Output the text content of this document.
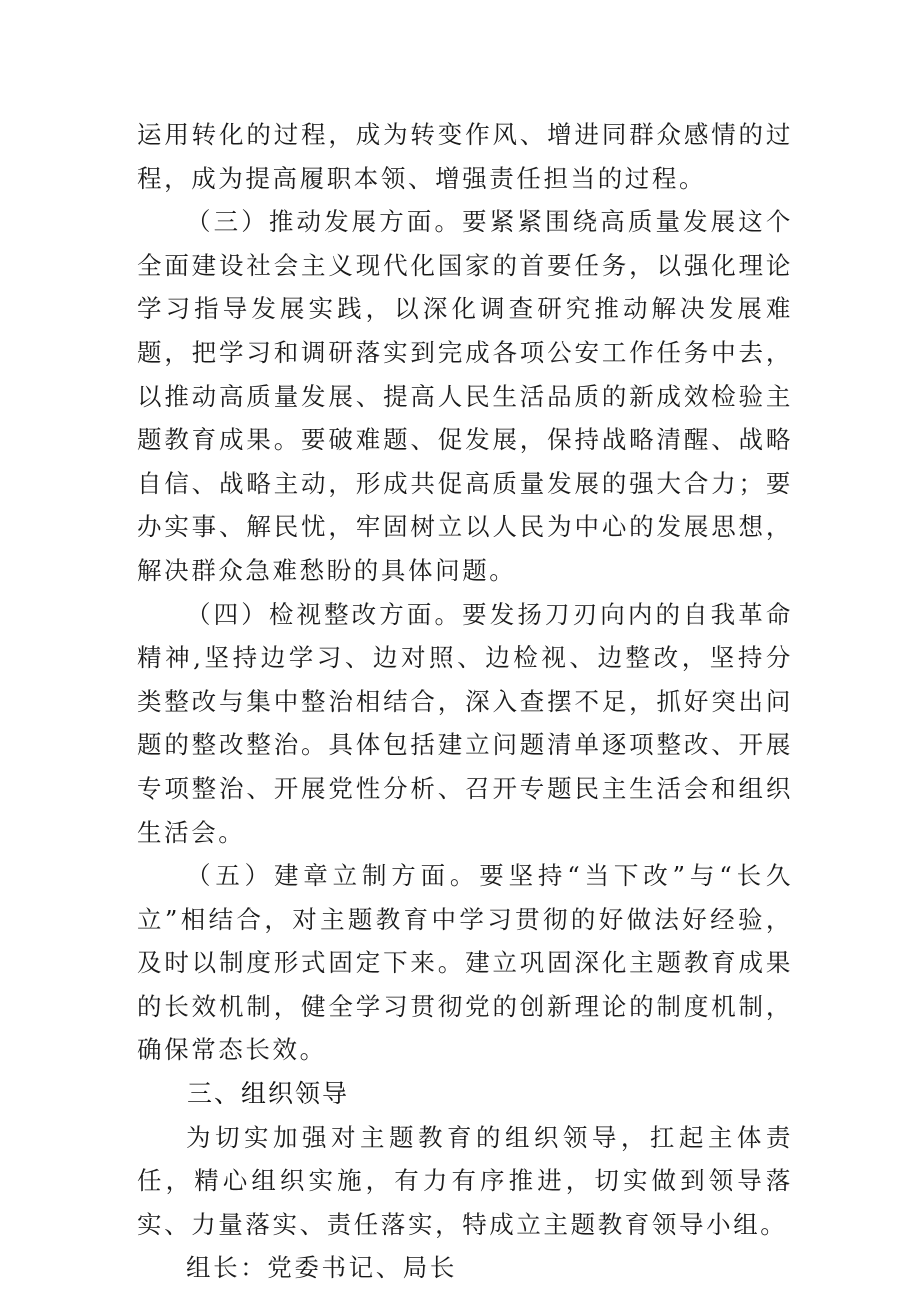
运用转化的过程，成为转变作风、增进同群众感情的过程，成为提高履职本领、增强责任担当的过程。

（三）推动发展方面。要紧紧围绕高质量发展这个全面建设社会主义现代化国家的首要任务，以强化理论学习指导发展实践，以深化调查研究推动解决发展难题，把学习和调研落实到完成各项公安工作任务中去，以推动高质量发展、提高人民生活品质的新成效检验主题教育成果。要破难题、促发展，保持战略清醒、战略自信、战略主动，形成共促高质量发展的强大合力；要办实事、解民忧，牢固树立以人民为中心的发展思想，解决群众急难愁盼的具体问题。

（四）检视整改方面。要发扬刀刃向内的自我革命精神,坚持边学习、边对照、边检视、边整改，坚持分类整改与集中整治相结合，深入查摆不足，抓好突出问题的整改整治。具体包括建立问题清单逐项整改、开展专项整治、开展党性分析、召开专题民主生活会和组织生活会。

（五）建章立制方面。要坚持“当下改”与“长久立”相结合，对主题教育中学习贯彻的好做法好经验，及时以制度形式固定下来。建立巩固深化主题教育成果的长效机制，健全学习贯彻党的创新理论的制度机制，确保常态长效。

三、组织领导

为切实加强对主题教育的组织领导，扛起主体责任，精心组织实施，有力有序推进，切实做到领导落实、力量落实、责任落实，特成立主题教育领导小组。

组长：党委书记、局长
